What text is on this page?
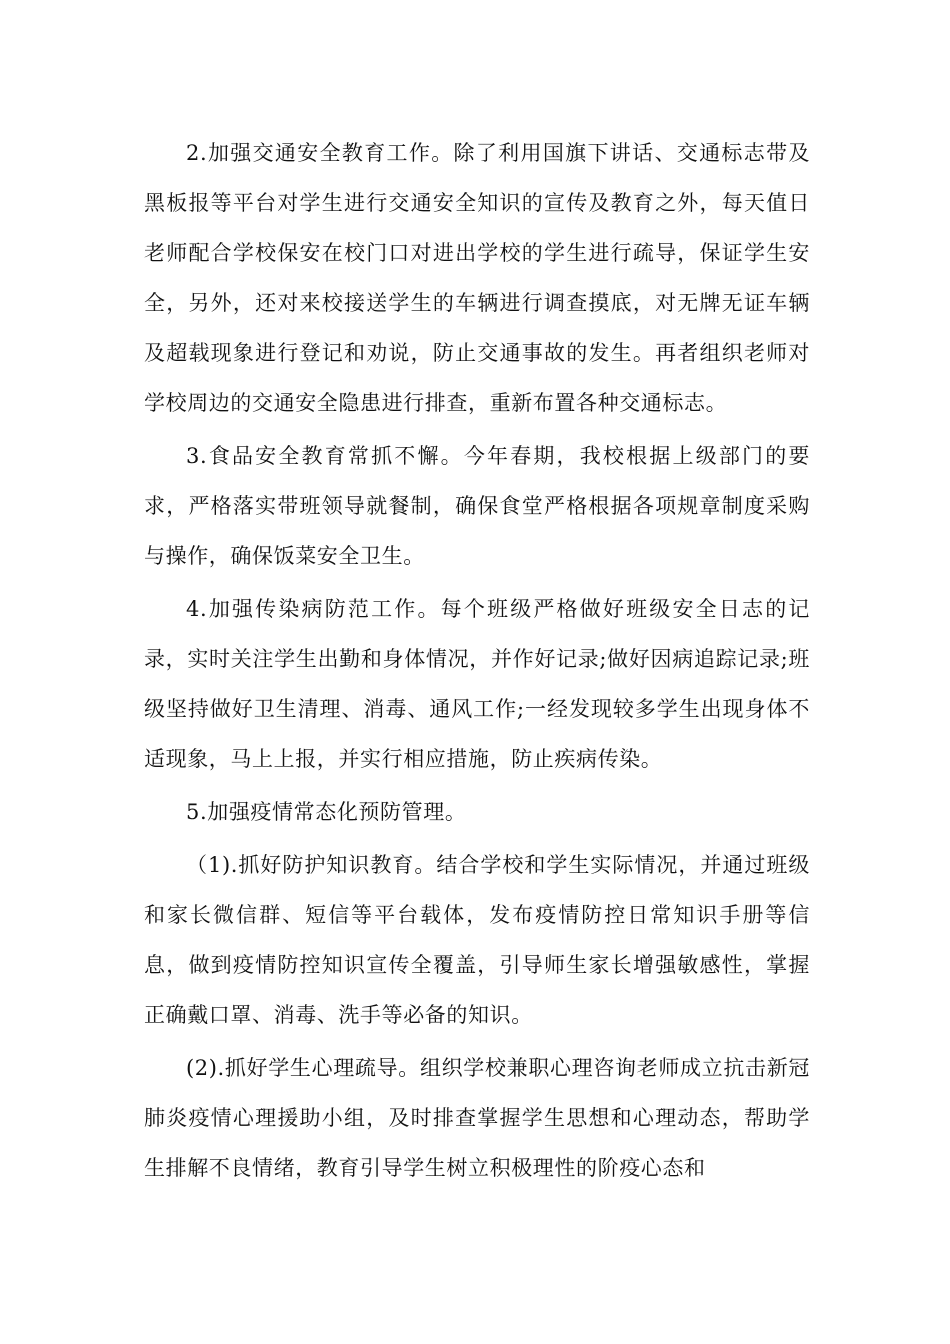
2.加强交通安全教育工作。除了利用国旗下讲话、交通标志带及黑板报等平台对学生进行交通安全知识的宣传及教育之外，每天值日老师配合学校保安在校门口对进出学校的学生进行疏导，保证学生安全，另外，还对来校接送学生的车辆进行调查摸底，对无牌无证车辆及超载现象进行登记和劝说，防止交通事故的发生。再者组织老师对学校周边的交通安全隐患进行排查，重新布置各种交通标志。

3.食品安全教育常抓不懈。今年春期，我校根据上级部门的要求，严格落实带班领导就餐制，确保食堂严格根据各项规章制度采购与操作，确保饭菜安全卫生。

4.加强传染病防范工作。每个班级严格做好班级安全日志的记录，实时关注学生出勤和身体情况，并作好记录;做好因病追踪记录;班级坚持做好卫生清理、消毒、通风工作;一经发现较多学生出现身体不适现象，马上上报，并实行相应措施，防止疾病传染。

5.加强疫情常态化预防管理。

（1).抓好防护知识教育。结合学校和学生实际情况，并通过班级和家长微信群、短信等平台载体，发布疫情防控日常知识手册等信息，做到疫情防控知识宣传全覆盖，引导师生家长增强敏感性，掌握正确戴口罩、消毒、洗手等必备的知识。

(2).抓好学生心理疏导。组织学校兼职心理咨询老师成立抗击新冠肺炎疫情心理援助小组，及时排查掌握学生思想和心理动态，帮助学生排解不良情绪，教育引导学生树立积极理性的阶疫心态和
